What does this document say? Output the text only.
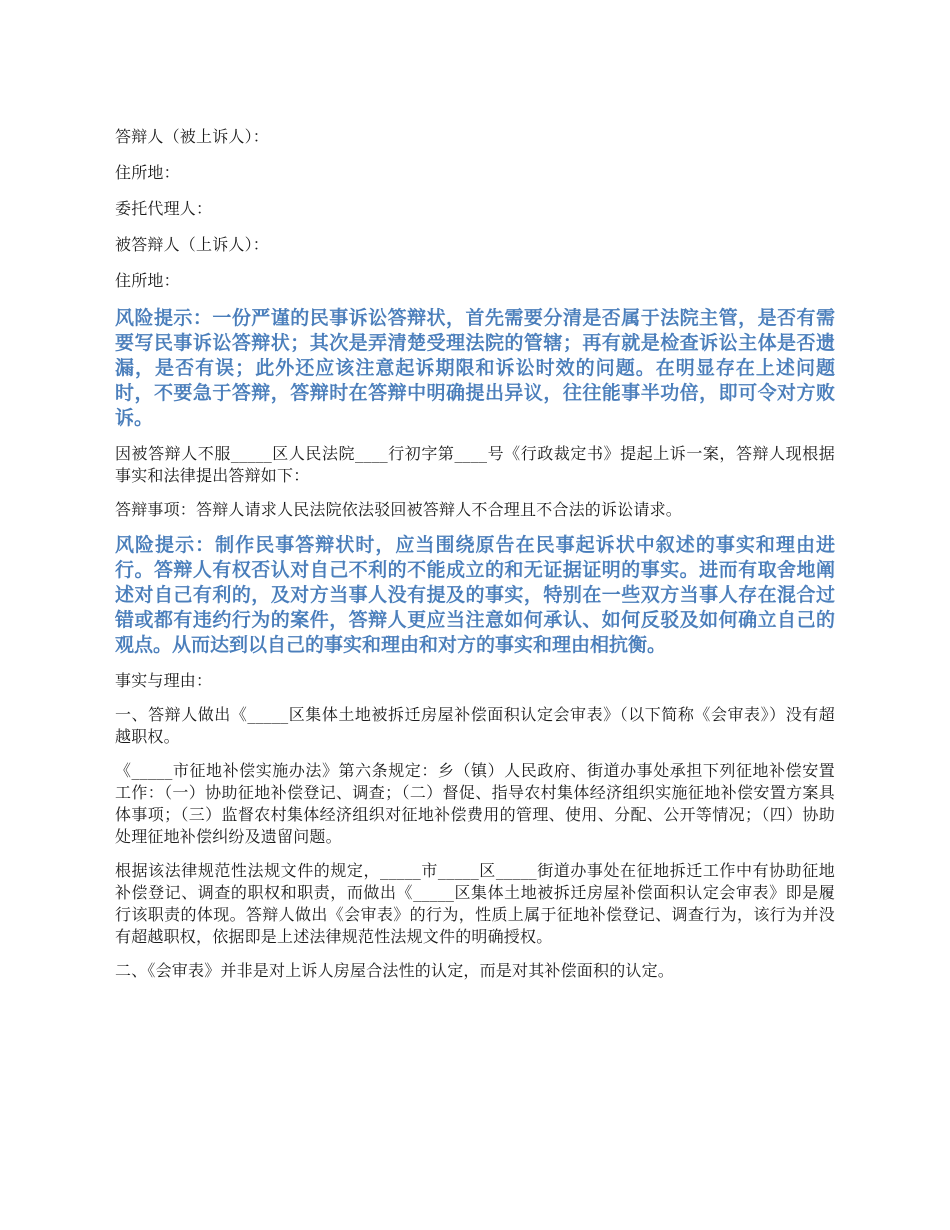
答辩人（被上诉人）：

住所地：

委托代理人：

被答辩人（上诉人）：

住所地：

风险提示：一份严谨的民事诉讼答辩状，首先需要分清是否属于法院主管，是否有需要写民事诉讼答辩状；其次是弄清楚受理法院的管辖；再有就是检查诉讼主体是否遗漏，是否有误；此外还应该注意起诉期限和诉讼时效的问题。在明显存在上述问题时，不要急于答辩，答辩时在答辩中明确提出异议，往往能事半功倍，即可令对方败诉。

因被答辩人不服_____区人民法院____行初字第____号《行政裁定书》提起上诉一案，答辩人现根据事实和法律提出答辩如下：

答辩事项：答辩人请求人民法院依法驳回被答辩人不合理且不合法的诉讼请求。

风险提示：制作民事答辩状时，应当围绕原告在民事起诉状中叙述的事实和理由进行。答辩人有权否认对自己不利的不能成立的和无证据证明的事实。进而有取舍地阐述对自己有利的，及对方当事人没有提及的事实，特别在一些双方当事人存在混合过错或都有违约行为的案件，答辩人更应当注意如何承认、如何反驳及如何确立自己的观点。从而达到以自己的事实和理由和对方的事实和理由相抗衡。

事实与理由：

一、答辩人做出《_____区集体土地被拆迁房屋补偿面积认定会审表》（以下简称《会审表》）没有超越职权。

《_____市征地补偿实施办法》第六条规定：乡（镇）人民政府、街道办事处承担下列征地补偿安置工作：（一）协助征地补偿登记、调查；（二）督促、指导农村集体经济组织实施征地补偿安置方案具体事项；（三）监督农村集体经济组织对征地补偿费用的管理、使用、分配、公开等情况；（四）协助处理征地补偿纠纷及遗留问题。

根据该法律规范性法规文件的规定，_____市_____区_____街道办事处在征地拆迁工作中有协助征地补偿登记、调查的职权和职责，而做出《_____区集体土地被拆迁房屋补偿面积认定会审表》即是履行该职责的体现。答辩人做出《会审表》的行为，性质上属于征地补偿登记、调查行为，该行为并没有超越职权，依据即是上述法律规范性法规文件的明确授权。

二、《会审表》并非是对上诉人房屋合法性的认定，而是对其补偿面积的认定。
